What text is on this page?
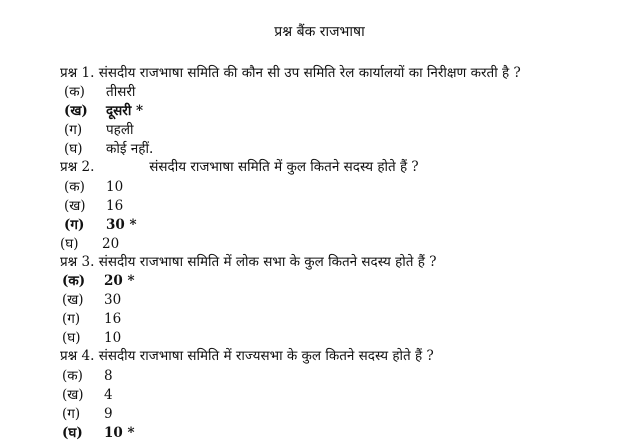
प्रश्न बैंक राजभाषा
प्रश्न 1. संसदीय राजभाषा समिति की कौन सी उप समिति रेल कार्यालयों का निरीक्षण करती है ?
(क) तीसरी
(ख) दूसरी *
(ग) पहली
(घ) कोई नहीं.
प्रश्न 2.	संसदीय राजभाषा समिति में कुल कितने सदस्य होते हैं ?
(क) 10
(ख) 16
(ग) 30 *
(घ) 20
प्रश्न 3. संसदीय राजभाषा समिति में लोक सभा के कुल कितने सदस्य होते हैं ?
(क) 20 *
(ख) 30
(ग) 16
(घ) 10
प्रश्न 4. संसदीय राजभाषा समिति में राज्यसभा के कुल कितने सदस्य होते हैं ?
(क) 8
(ख) 4
(ग) 9
(घ) 10 *
